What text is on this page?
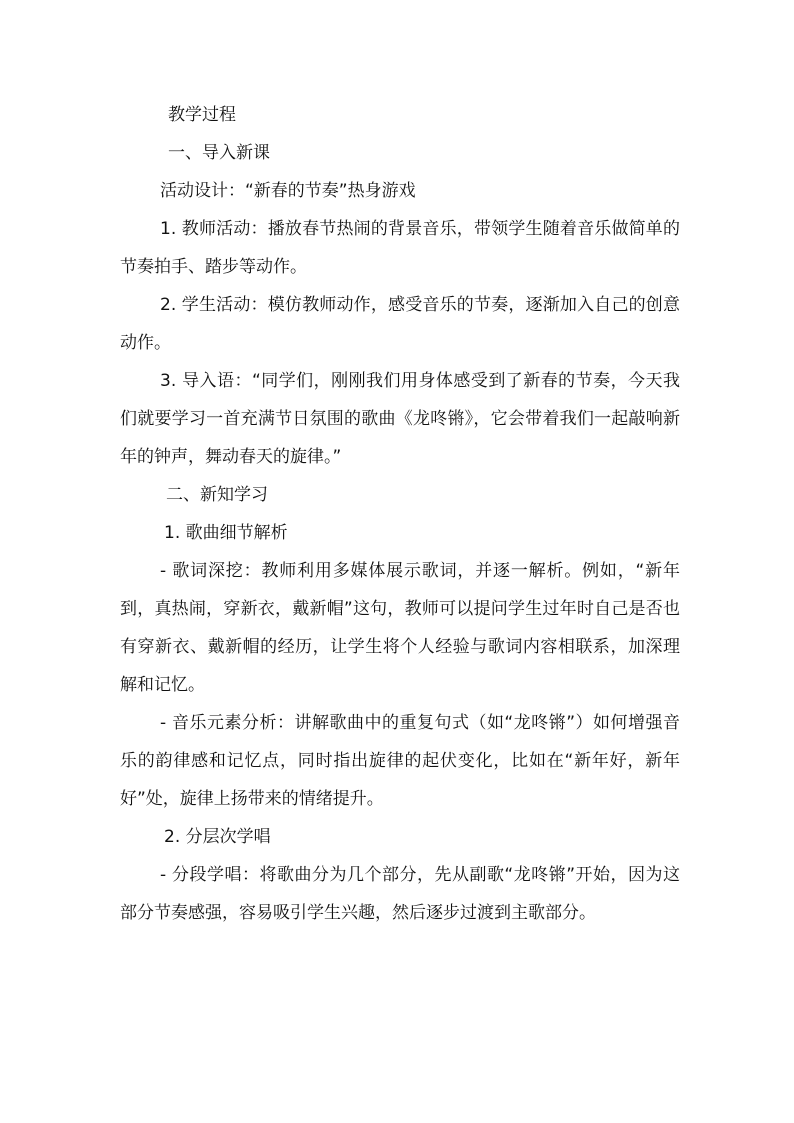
教学过程

一、导入新课

活动设计：“新春的节奏”热身游戏

1. 教师活动：播放春节热闹的背景音乐，带领学生随着音乐做简单的节奏拍手、踏步等动作。

2. 学生活动：模仿教师动作，感受音乐的节奏，逐渐加入自己的创意动作。

3. 导入语：“同学们，刚刚我们用身体感受到了新春的节奏，今天我们就要学习一首充满节日氛围的歌曲《龙咚锵》，它会带着我们一起敲响新年的钟声，舞动春天的旋律。”

二、新知学习

1. 歌曲细节解析

- 歌词深挖：教师利用多媒体展示歌词，并逐一解析。例如，“新年到，真热闹，穿新衣，戴新帽”这句，教师可以提问学生过年时自己是否也有穿新衣、戴新帽的经历，让学生将个人经验与歌词内容相联系，加深理解和记忆。

- 音乐元素分析：讲解歌曲中的重复句式（如“龙咚锵”）如何增强音乐的韵律感和记忆点，同时指出旋律的起伏变化，比如在“新年好，新年好”处，旋律上扬带来的情绪提升。

2. 分层次学唱

- 分段学唱：将歌曲分为几个部分，先从副歌“龙咚锵”开始，因为这部分节奏感强，容易吸引学生兴趣，然后逐步过渡到主歌部分。
